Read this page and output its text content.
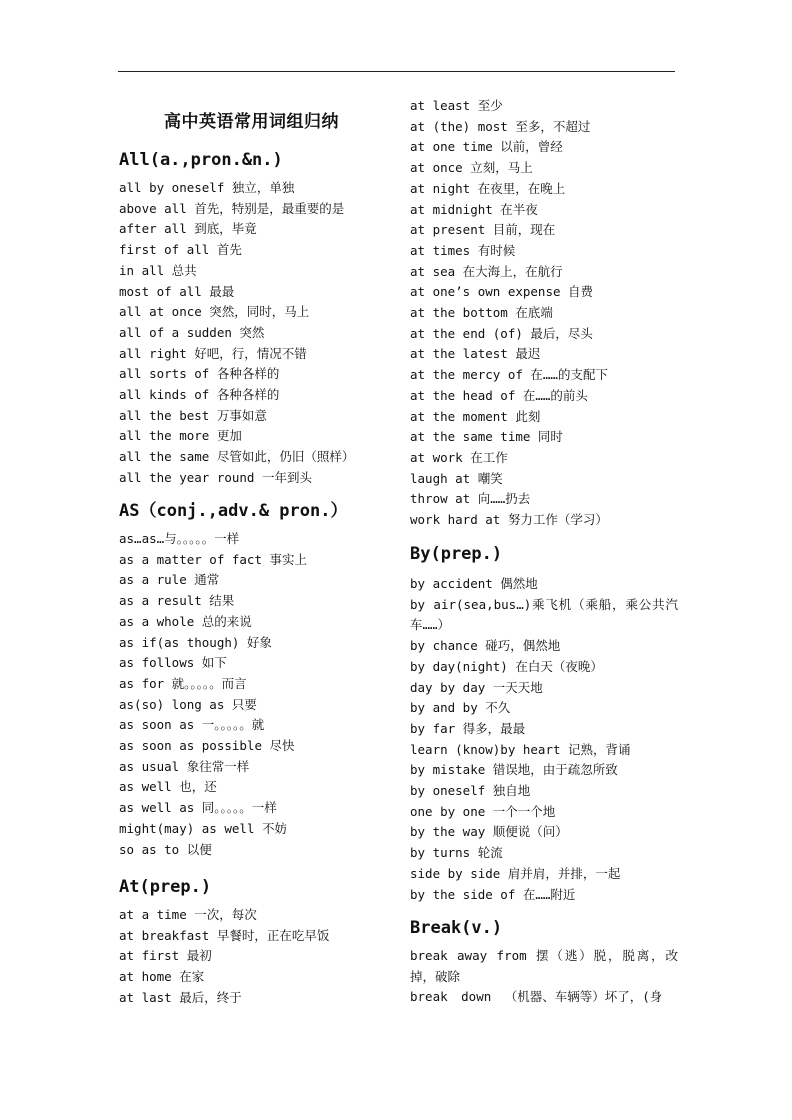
高中英语常用词组归纳
All(a.,pron.&n.)
all by oneself 独立，单独
above all 首先，特别是，最重要的是
after all 到底，毕竟
first of all 首先
in all 总共
most of all 最最
all at once 突然，同时，马上
all of a sudden 突然
all right 好吧，行，情况不错
all sorts of 各种各样的
all kinds of 各种各样的
all the best 万事如意
all the more 更加
all the same 尽管如此，仍旧（照样）
all the year round 一年到头
AS（conj.,adv.& pron.）
as…as…与。。。。。一样
as a matter of fact 事实上
as a rule 通常
as a result 结果
as a whole 总的来说
as if(as though) 好象
as follows 如下
as for 就。。。。。而言
as(so) long as 只要
as soon as 一。。。。。就
as soon as possible 尽快
as usual 象往常一样
as well 也，还
as well as 同。。。。。一样
might(may) as well 不妨
so as to 以便
At(prep.)
at a time 一次，每次
at breakfast 早餐时，正在吃早饭
at first 最初
at home 在家
at last 最后，终于
at least 至少
at (the) most 至多，不超过
at one time 以前，曾经
at once 立刻，马上
at night 在夜里，在晚上
at midnight 在半夜
at present 目前，现在
at times 有时候
at sea 在大海上，在航行
at one’s own expense 自费
at the bottom 在底端
at the end (of) 最后，尽头
at the latest 最迟
at the mercy of 在……的支配下
at the head of 在……的前头
at the moment 此刻
at the same time 同时
at work 在工作
laugh at 嘲笑
throw at 向……扔去
work hard at 努力工作（学习）
By(prep.)
by accident 偶然地
by air(sea,bus…)乘飞机（乘船，乘公共汽车……）
by chance 碰巧，偶然地
by day(night) 在白天（夜晚）
day by day 一天天地
by and by 不久
by far 得多，最最
learn (know)by heart 记熟，背诵
by mistake 错误地，由于疏忽所致
by oneself 独自地
one by one 一个一个地
by the way 顺便说（问）
by turns 轮流
side by side 肩并肩，并排，一起
by the side of 在……附近
Break(v.)
break away from 摆（逃）脱，脱离，改掉，破除
break down （机器、车辆等）坏了，(身
